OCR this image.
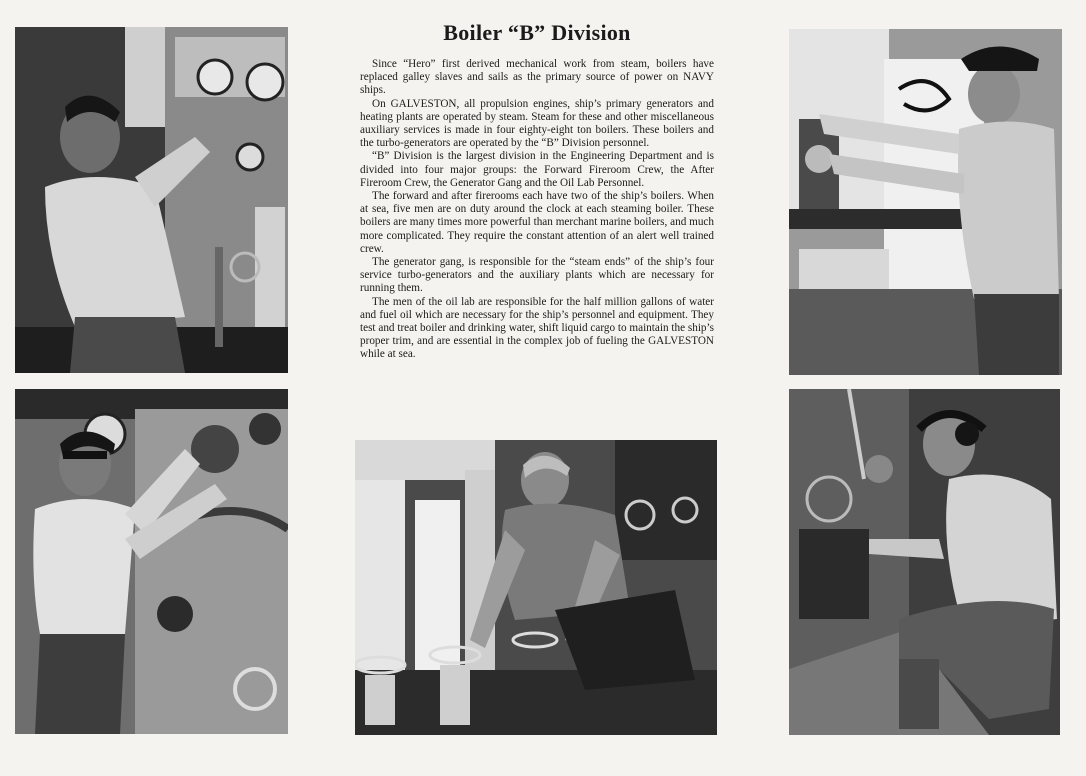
Boiler “B” Division

Since “Hero” first derived mechanical work from steam, boilers have replaced galley slaves and sails as the primary source of power on NAVY ships.

On GALVESTON, all propulsion engines, ship’s primary generators and heating plants are operated by steam. Steam for these and other miscellaneous auxiliary services is made in four eighty-eight ton boilers. These boilers and the turbo-generators are operated by the “B” Division personnel.

“B” Division is the largest division in the Engineering Department and is divided into four major groups: the Forward Fireroom Crew, the After Fireroom Crew, the Generator Gang and the Oil Lab Personnel.

The forward and after firerooms each have two of the ship’s boilers. When at sea, five men are on duty around the clock at each steaming boiler. These boilers are many times more powerful than merchant marine boilers, and much more complicated. They require the constant attention of an alert well trained crew.

The generator gang, is responsible for the “steam ends” of the ship’s four service turbo-generators and the auxiliary plants which are necessary for running them.

The men of the oil lab are responsible for the half million gallons of water and fuel oil which are necessary for the ship’s personnel and equipment. They test and treat boiler and drinking water, shift liquid cargo to maintain the ship’s proper trim, and are essential in the complex job of fueling the GALVESTON while at sea.
